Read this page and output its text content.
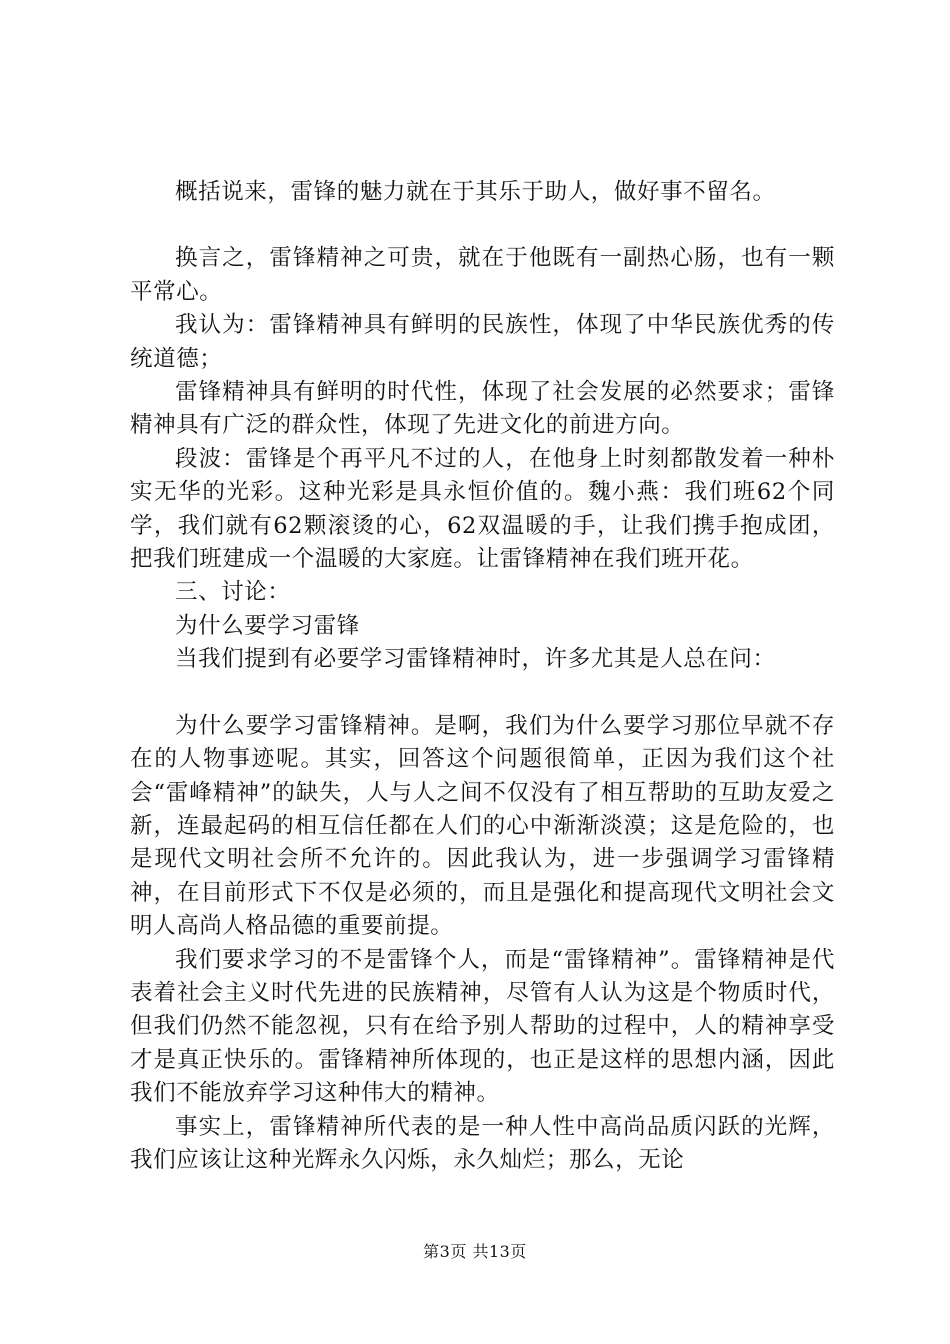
概括说来，雷锋的魅力就在于其乐于助人，做好事不留名。

换言之，雷锋精神之可贵，就在于他既有一副热心肠，也有一颗平常心。

我认为：雷锋精神具有鲜明的民族性，体现了中华民族优秀的传统道德；

雷锋精神具有鲜明的时代性，体现了社会发展的必然要求；雷锋精神具有广泛的群众性，体现了先进文化的前进方向。

段波：雷锋是个再平凡不过的人，在他身上时刻都散发着一种朴实无华的光彩。这种光彩是具永恒价值的。魏小燕：我们班62个同学，我们就有62颗滚烫的心，62双温暖的手，让我们携手抱成团，把我们班建成一个温暖的大家庭。让雷锋精神在我们班开花。

三、讨论：

为什么要学习雷锋

当我们提到有必要学习雷锋精神时，许多尤其是人总在问：

为什么要学习雷锋精神。是啊，我们为什么要学习那位早就不存在的人物事迹呢。其实，回答这个问题很简单，正因为我们这个社会“雷峰精神”的缺失，人与人之间不仅没有了相互帮助的互助友爱之新，连最起码的相互信任都在人们的心中渐渐淡漠；这是危险的，也是现代文明社会所不允许的。因此我认为，进一步强调学习雷锋精神，在目前形式下不仅是必须的，而且是强化和提高现代文明社会文明人高尚人格品德的重要前提。

我们要求学习的不是雷锋个人，而是“雷锋精神”。雷锋精神是代表着社会主义时代先进的民族精神，尽管有人认为这是个物质时代，但我们仍然不能忽视，只有在给予别人帮助的过程中，人的精神享受才是真正快乐的。雷锋精神所体现的，也正是这样的思想内涵，因此我们不能放弃学习这种伟大的精神。

事实上，雷锋精神所代表的是一种人性中高尚品质闪跃的光辉，我们应该让这种光辉永久闪烁，永久灿烂；那么，无论

第3页 共13页
